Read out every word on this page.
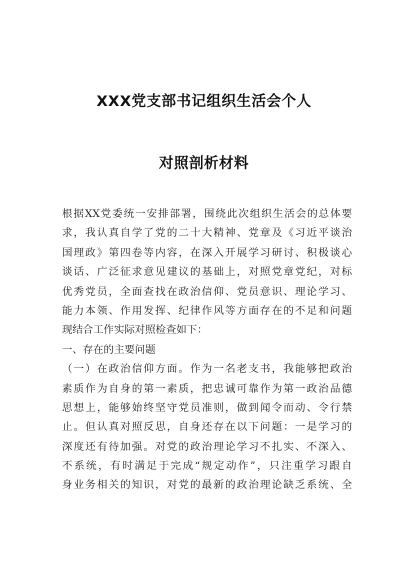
XXX党支部书记组织生活会个人
对照剖析材料
根据XX党委统一安排部署，围绕此次组织生活会的总体要
求，我认真自学了党的二十大精神、党章及《习近平谈治
国理政》第四卷等内容，在深入开展学习研讨、积极谈心
谈话、广泛征求意见建议的基础上，对照党章党纪，对标
优秀党员，全面查找在政治信仰、党员意识、理论学习、
能力本领、作用发挥、纪律作风等方面存在的不足和问题
现结合工作实际对照检查如下：
一、存在的主要问题
（一）在政治信仰方面。作为一名老支书，我能够把政治
素质作为自身的第一素质，把忠诚可靠作为第一政治品德
思想上，能够始终坚守党员准则，做到闻令而动、令行禁
止。但认真对照反思，自身还存在以下问题：一是学习的
深度还有待加强。对党的政治理论学习不扎实、不深入、
不系统，有时满足于完成“规定动作”，只注重学习跟自
身业务相关的知识，对党的最新的政治理论缺乏系统、全
